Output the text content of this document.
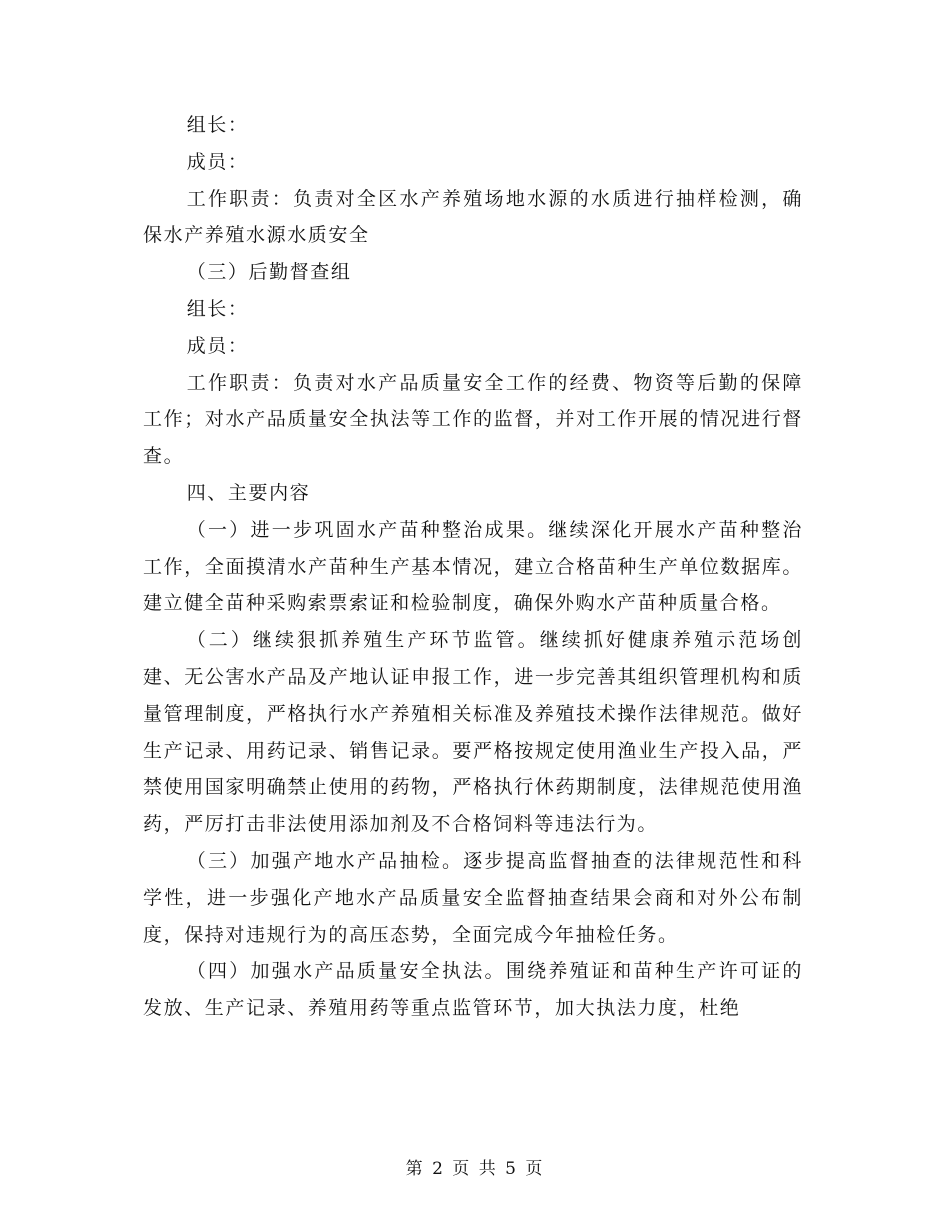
组长：

成员：

工作职责：负责对全区水产养殖场地水源的水质进行抽样检测，确保水产养殖水源水质安全

（三）后勤督查组

组长：

成员：

工作职责：负责对水产品质量安全工作的经费、物资等后勤的保障工作；对水产品质量安全执法等工作的监督，并对工作开展的情况进行督查。

四、主要内容

（一）进一步巩固水产苗种整治成果。继续深化开展水产苗种整治工作，全面摸清水产苗种生产基本情况，建立合格苗种生产单位数据库。建立健全苗种采购索票索证和检验制度，确保外购水产苗种质量合格。

（二）继续狠抓养殖生产环节监管。继续抓好健康养殖示范场创建、无公害水产品及产地认证申报工作，进一步完善其组织管理机构和质量管理制度，严格执行水产养殖相关标准及养殖技术操作法律规范。做好生产记录、用药记录、销售记录。要严格按规定使用渔业生产投入品，严禁使用国家明确禁止使用的药物，严格执行休药期制度，法律规范使用渔药，严厉打击非法使用添加剂及不合格饲料等违法行为。

（三）加强产地水产品抽检。逐步提高监督抽查的法律规范性和科学性，进一步强化产地水产品质量安全监督抽查结果会商和对外公布制度，保持对违规行为的高压态势，全面完成今年抽检任务。

（四）加强水产品质量安全执法。围绕养殖证和苗种生产许可证的发放、生产记录、养殖用药等重点监管环节，加大执法力度，杜绝

第 2 页 共 5 页
